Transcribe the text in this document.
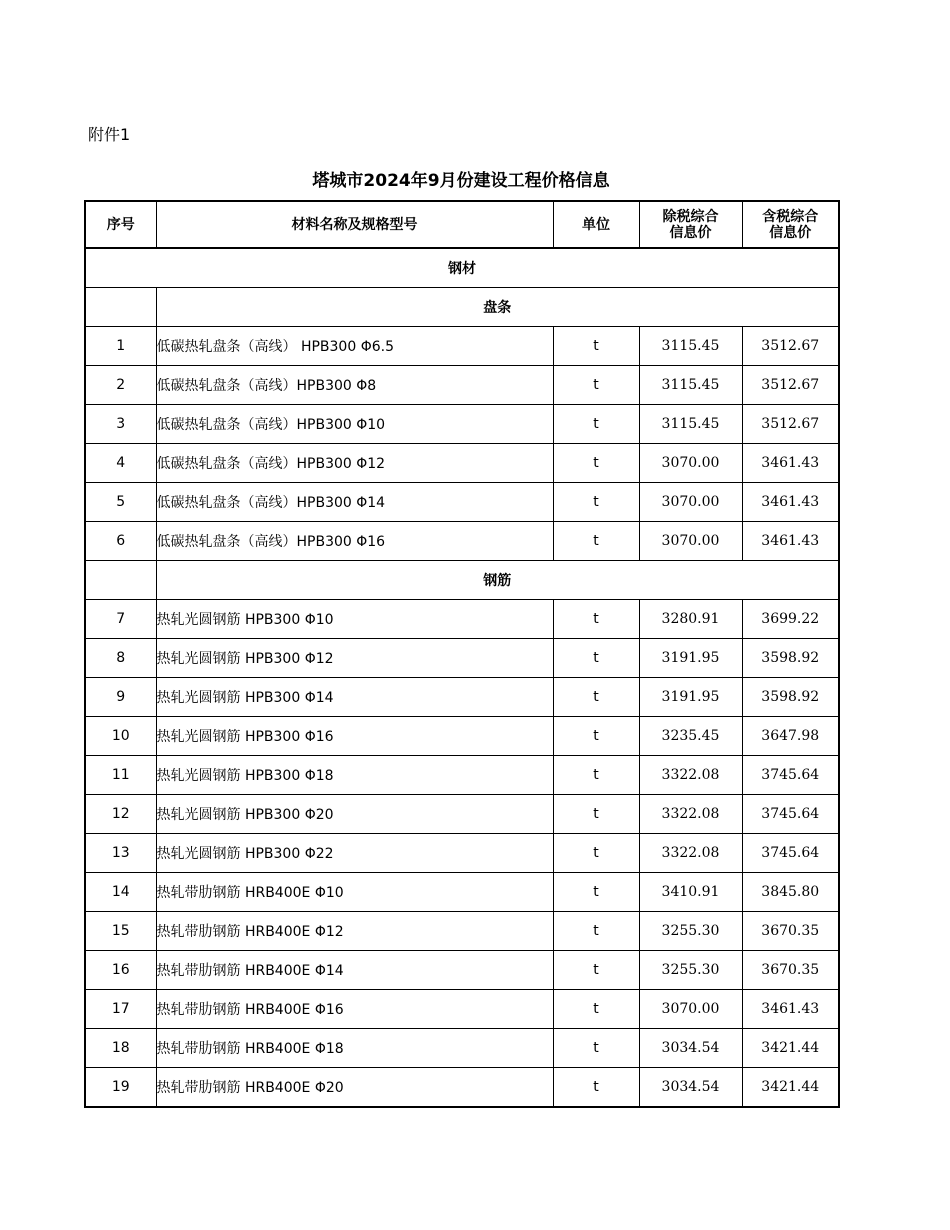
附件1
塔城市2024年9月份建设工程价格信息
序号	材料名称及规格型号	单位	除税综合信息价	含税综合信息价

钢材				
	盘条			
1	低碳热轧盘条（高线） HPB300 Φ6.5	t	3115.45	3512.67
2	低碳热轧盘条（高线）HPB300 Φ8	t	3115.45	3512.67
3	低碳热轧盘条（高线）HPB300 Φ10	t	3115.45	3512.67
4	低碳热轧盘条（高线）HPB300 Φ12	t	3070.00	3461.43
5	低碳热轧盘条（高线）HPB300 Φ14	t	3070.00	3461.43
6	低碳热轧盘条（高线）HPB300 Φ16	t	3070.00	3461.43
	钢筋			
7	热轧光圆钢筋 HPB300 Φ10	t	3280.91	3699.22
8	热轧光圆钢筋 HPB300 Φ12	t	3191.95	3598.92
9	热轧光圆钢筋 HPB300 Φ14	t	3191.95	3598.92
10	热轧光圆钢筋 HPB300 Φ16	t	3235.45	3647.98
11	热轧光圆钢筋 HPB300 Φ18	t	3322.08	3745.64
12	热轧光圆钢筋 HPB300 Φ20	t	3322.08	3745.64
13	热轧光圆钢筋 HPB300 Φ22	t	3322.08	3745.64
14	热轧带肋钢筋 HRB400E Φ10	t	3410.91	3845.80
15	热轧带肋钢筋 HRB400E Φ12	t	3255.30	3670.35
16	热轧带肋钢筋 HRB400E Φ14	t	3255.30	3670.35
17	热轧带肋钢筋 HRB400E Φ16	t	3070.00	3461.43
18	热轧带肋钢筋 HRB400E Φ18	t	3034.54	3421.44
19	热轧带肋钢筋 HRB400E Φ20	t	3034.54	3421.44
